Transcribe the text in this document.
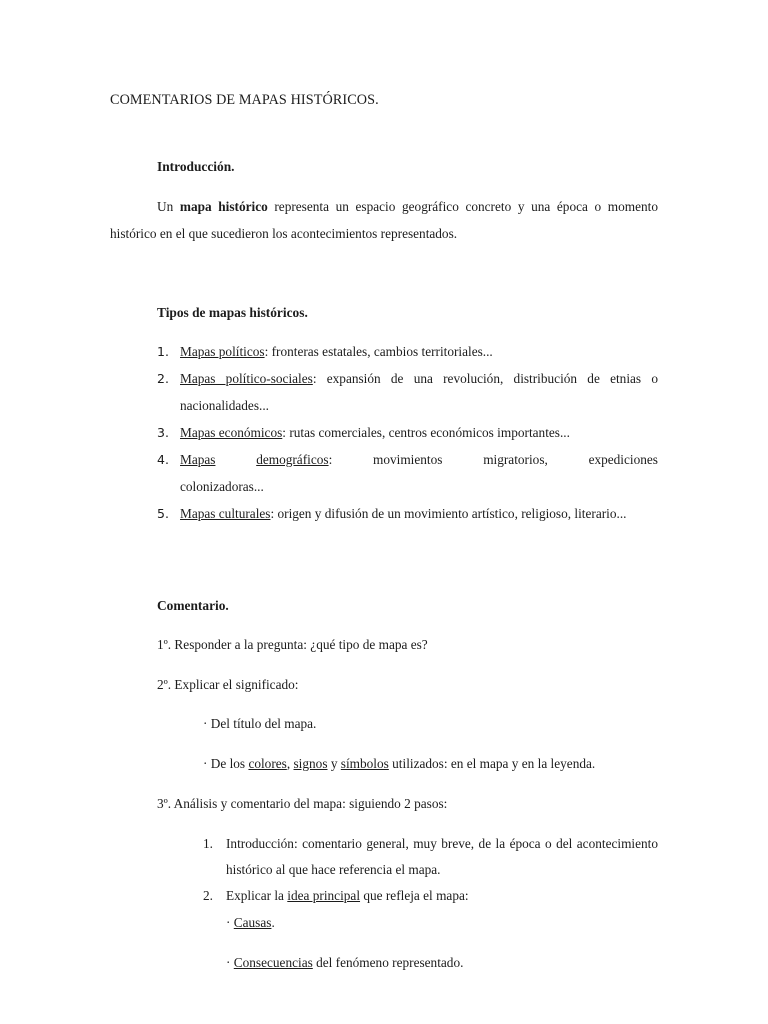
COMENTARIOS DE MAPAS HISTÓRICOS.
Introducción.
Un mapa histórico representa un espacio geográfico concreto y una época o momento histórico en el que sucedieron los acontecimientos representados.
Tipos de mapas históricos.
1. Mapas políticos: fronteras estatales, cambios territoriales...
2. Mapas político-sociales: expansión de una revolución, distribución de etnias o nacionalidades...
3. Mapas económicos: rutas comerciales, centros económicos importantes...
4. Mapas	demográficos:	movimientos	migratorios,	expediciones
colonizadoras...
5. Mapas culturales: origen y difusión de un movimiento artístico, religioso, literario...
Comentario.
1º. Responder a la pregunta: ¿qué tipo de mapa es?
2º. Explicar el significado:
· Del título del mapa.
· De los colores, signos y símbolos utilizados: en el mapa y en la leyenda.
3º. Análisis y comentario del mapa: siguiendo 2 pasos:
1. Introducción: comentario general, muy breve, de la época o del acontecimiento histórico al que hace referencia el mapa.
2. Explicar la idea principal que refleja el mapa:
· Causas.
· Consecuencias del fenómeno representado.
